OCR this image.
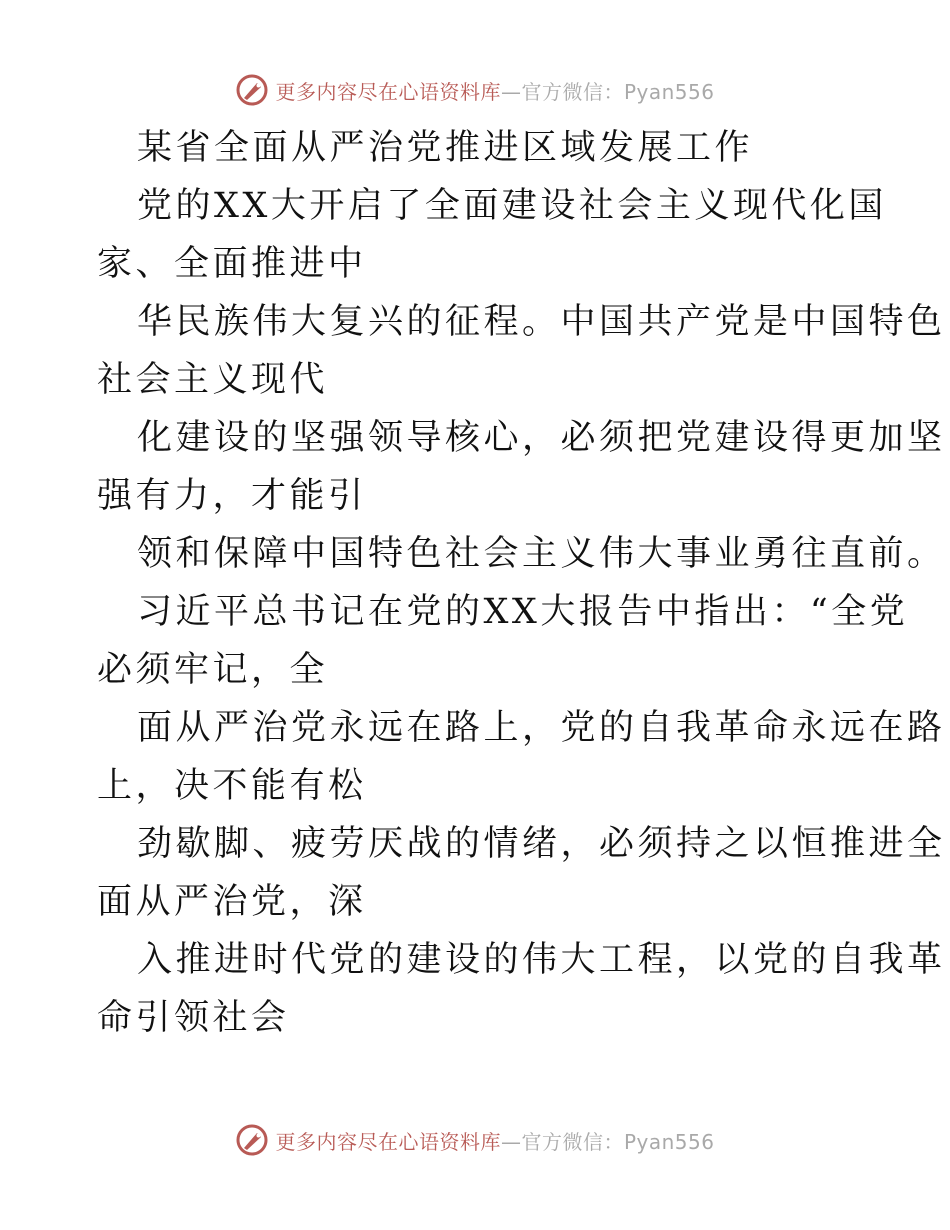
更多内容尽在心语资料库—官方微信：Pyan556
某省全面从严治党推进区域发展工作
党的XX大开启了全面建设社会主义现代化国
家、全面推进中
华民族伟大复兴的征程。中国共产党是中国特色
社会主义现代
化建设的坚强领导核心，必须把党建设得更加坚
强有力，才能引
领和保障中国特色社会主义伟大事业勇往直前。
习近平总书记在党的XX大报告中指出：“全党
必须牢记，全
面从严治党永远在路上，党的自我革命永远在路
上，决不能有松
劲歇脚、疲劳厌战的情绪，必须持之以恒推进全
面从严治党，深
入推进时代党的建设的伟大工程，以党的自我革
命引领社会
更多内容尽在心语资料库—官方微信：Pyan556
